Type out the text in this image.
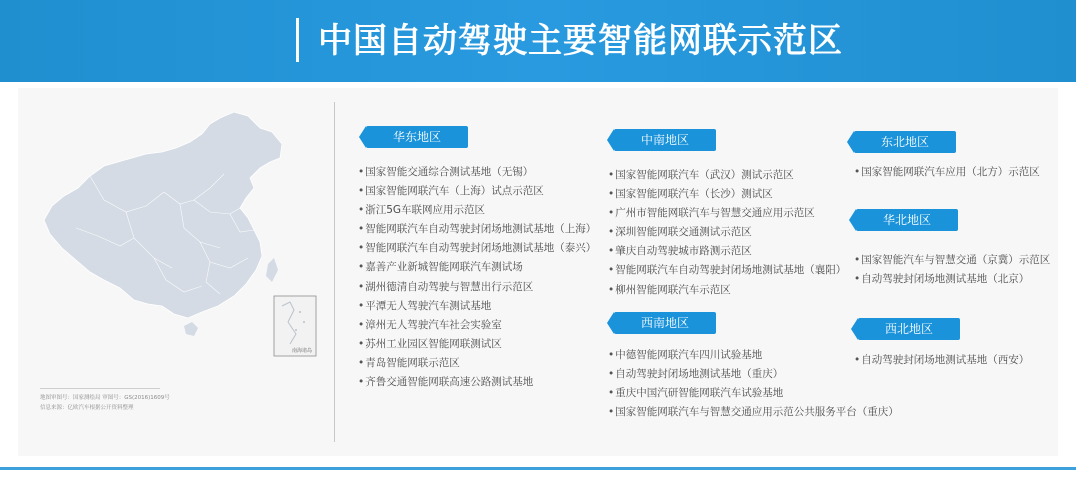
中国自动驾驶主要智能网联示范区
南海诸岛
地图审图号：国家测绘局 审图号：GS(2016)1609号
信息来源：亿欧汽车根据公开资料整理
华东地区
• 国家智能交通综合测试基地（无锡）
• 国家智能网联汽车（上海）试点示范区
• 浙江5G车联网应用示范区
• 智能网联汽车自动驾驶封闭场地测试基地（上海）
• 智能网联汽车自动驾驶封闭场地测试基地（泰兴）
• 嘉善产业新城智能网联汽车测试场
• 湖州德清自动驾驶与智慧出行示范区
• 平潭无人驾驶汽车测试基地
• 漳州无人驾驶汽车社会实验室
• 苏州工业园区智能网联测试区
• 青岛智能网联示范区
• 齐鲁交通智能网联高速公路测试基地
中南地区
• 国家智能网联汽车（武汉）测试示范区
• 国家智能网联汽车（长沙）测试区
• 广州市智能网联汽车与智慧交通应用示范区
• 深圳智能网联交通测试示范区
• 肇庆自动驾驶城市路测示范区
• 智能网联汽车自动驾驶封闭场地测试基地（襄阳）
• 柳州智能网联汽车示范区
西南地区
• 中德智能网联汽车四川试验基地
• 自动驾驶封闭场地测试基地（重庆）
• 重庆中国汽研智能网联汽车试验基地
• 国家智能网联汽车与智慧交通应用示范公共服务平台（重庆）
东北地区
• 国家智能网联汽车应用（北方）示范区
华北地区
• 国家智能汽车与智慧交通（京冀）示范区
• 自动驾驶封闭场地测试基地（北京）
西北地区
• 自动驾驶封闭场地测试基地（西安）
